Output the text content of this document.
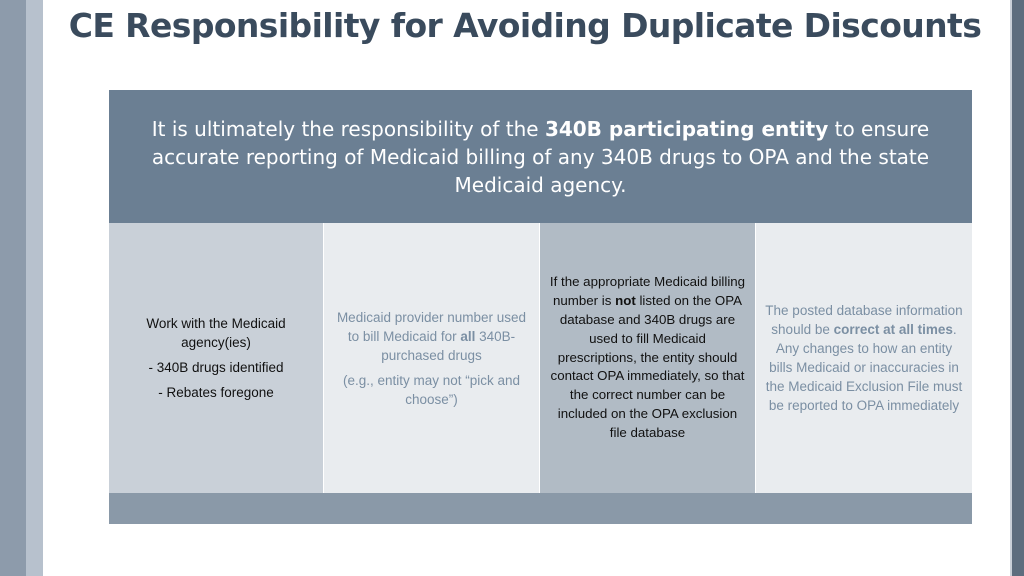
CE Responsibility for Avoiding Duplicate Discounts
It is ultimately the responsibility of the 340B participating entity to ensure accurate reporting of Medicaid billing of any 340B drugs to OPA and the state Medicaid agency.

Work with the Medicaid agency(ies)

- 340B drugs identified

- Rebates foregone

Medicaid provider number used to bill Medicaid for all 340B-purchased drugs

(e.g., entity may not “pick and choose”)

If the appropriate Medicaid billing number is not listed on the OPA database and 340B drugs are used to fill Medicaid prescriptions, the entity should contact OPA immediately, so that the correct number can be included on the OPA exclusion file database

The posted database information should be correct at all times. Any changes to how an entity bills Medicaid or inaccuracies in the Medicaid Exclusion File must be reported to OPA immediately
